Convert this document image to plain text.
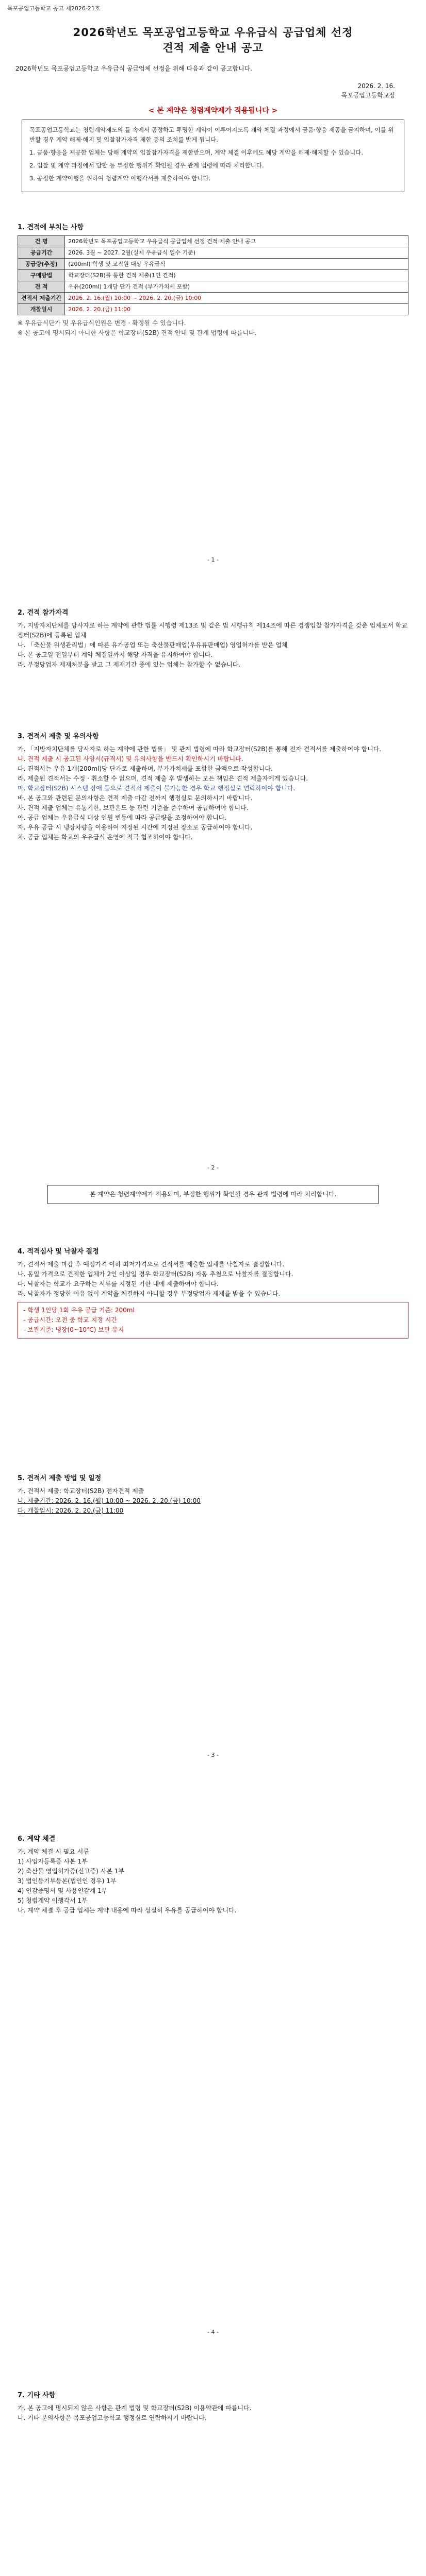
목포공업고등학교 공고 제2026-21호

2026학년도 목포공업고등학교 우유급식 공급업체 선정

견적 제출 안내 공고

2026학년도 목포공업고등학교 우유급식 공급업체 선정을 위해 다음과 같이 공고합니다.
2026. 2. 16.
목포공업고등학교장
< 본 계약은 청렴계약제가 적용됩니다 >

목포공업고등학교는 청렴계약제도의 틀 속에서 공정하고 투명한 계약이 이루어지도록 계약 체결 과정에서 금품·향응 제공을 금지하며, 이를 위반할 경우 계약 해제·해지 및 입찰참가자격 제한 등의 조치를 받게 됩니다.

1. 금품·향응을 제공한 업체는 당해 계약의 입찰참가자격을 제한받으며, 계약 체결 이후에도 해당 계약을 해제·해지할 수 있습니다.

2. 입찰 및 계약 과정에서 담합 등 부정한 행위가 확인될 경우 관계 법령에 따라 처리합니다.

3. 공정한 계약이행을 위하여 청렴계약 이행각서를 제출하여야 합니다.

1. 견적에 부치는 사항
건 명	2026학년도 목포공업고등학교 우유급식 공급업체 선정 견적 제출 안내 공고
공급기간	2026. 3월 ~ 2027. 2월(실제 우유급식 일수 기준)
공급량(추정)	(200ml) 학생 및 교직원 대상 우유급식
구매방법	학교장터(S2B)를 통한 견적 제출(1인 견적)
견 적	우유(200ml) 1개당 단가 견적 (부가가치세 포함)
견적서 제출기간	2026. 2. 16.(월) 10:00 ~ 2026. 2. 20.(금) 10:00
개찰일시	2026. 2. 20.(금) 11:00

※ 우유급식단가 및 우유급식인원은 변경 · 확정될 수 있습니다.

※ 본 공고에 명시되지 아니한 사항은 학교장터(S2B) 견적 안내 및 관계 법령에 따릅니다.

- 1 -
2. 견적 참가자격

가. 지방자치단체를 당사자로 하는 계약에 관한 법률 시행령 제13조 및 같은 법 시행규칙 제14조에 따른 경쟁입찰 참가자격을 갖춘 업체로서 학교장터(S2B)에 등록된 업체

나. 「축산물 위생관리법」에 따른 유가공업 또는 축산물판매업(우유류판매업) 영업허가를 받은 업체

다. 본 공고일 전일부터 계약 체결일까지 해당 자격을 유지하여야 합니다.

라. 부정당업자 제재처분을 받고 그 제재기간 중에 있는 업체는 참가할 수 없습니다.

3. 견적서 제출 및 유의사항

가. 「지방자치단체를 당사자로 하는 계약에 관한 법률」 및 관계 법령에 따라 학교장터(S2B)를 통해 전자 견적서를 제출하여야 합니다.

나. 견적 제출 시 공고된 사양서(규격서) 및 유의사항을 반드시 확인하시기 바랍니다.

다. 견적서는 우유 1개(200ml)당 단가로 제출하며, 부가가치세를 포함한 금액으로 작성합니다.

라. 제출된 견적서는 수정 · 취소할 수 없으며, 견적 제출 후 발생하는 모든 책임은 견적 제출자에게 있습니다.

마. 학교장터(S2B) 시스템 장애 등으로 견적서 제출이 불가능한 경우 학교 행정실로 연락하여야 합니다.

바. 본 공고와 관련된 문의사항은 견적 제출 마감 전까지 행정실로 문의하시기 바랍니다.

사. 견적 제출 업체는 유통기한, 보관온도 등 관련 기준을 준수하여 공급하여야 합니다.

아. 공급 업체는 우유급식 대상 인원 변동에 따라 공급량을 조정하여야 합니다.

자. 우유 공급 시 냉장차량을 이용하여 지정된 시간에 지정된 장소로 공급하여야 합니다.

차. 공급 업체는 학교의 우유급식 운영에 적극 협조하여야 합니다.

- 2 -
본 계약은 청렴계약제가 적용되며, 부정한 행위가 확인될 경우 관계 법령에 따라 처리합니다.
4. 적격심사 및 낙찰자 결정

가. 견적서 제출 마감 후 예정가격 이하 최저가격으로 견적서를 제출한 업체를 낙찰자로 결정합니다.

나. 동일 가격으로 견적한 업체가 2인 이상일 경우 학교장터(S2B) 자동 추첨으로 낙찰자를 결정합니다.

다. 낙찰자는 학교가 요구하는 서류를 지정된 기한 내에 제출하여야 합니다.

라. 낙찰자가 정당한 이유 없이 계약을 체결하지 아니할 경우 부정당업자 제재를 받을 수 있습니다.

- 학생 1인당 1회 우유 공급 기준: 200ml
- 공급시간: 오전 중 학교 지정 시간
- 보관기준: 냉장(0~10℃) 보관 유지
5. 견적서 제출 방법 및 일정

가. 견적서 제출: 학교장터(S2B) 전자견적 제출

나. 제출기간: 2026. 2. 16.(월) 10:00 ~ 2026. 2. 20.(금) 10:00

다. 개찰일시: 2026. 2. 20.(금) 11:00

- 3 -
6. 계약 체결

가. 계약 체결 시 필요 서류

1) 사업자등록증 사본 1부

2) 축산물 영업허가증(신고증) 사본 1부

3) 법인등기부등본(법인인 경우) 1부

4) 인감증명서 및 사용인감계 1부

5) 청렴계약 이행각서 1부

나. 계약 체결 후 공급 업체는 계약 내용에 따라 성실히 우유를 공급하여야 합니다.

- 4 -
7. 기타 사항

가. 본 공고에 명시되지 않은 사항은 관계 법령 및 학교장터(S2B) 이용약관에 따릅니다.

나. 기타 문의사항은 목포공업고등학교 행정실로 연락하시기 바랍니다.
